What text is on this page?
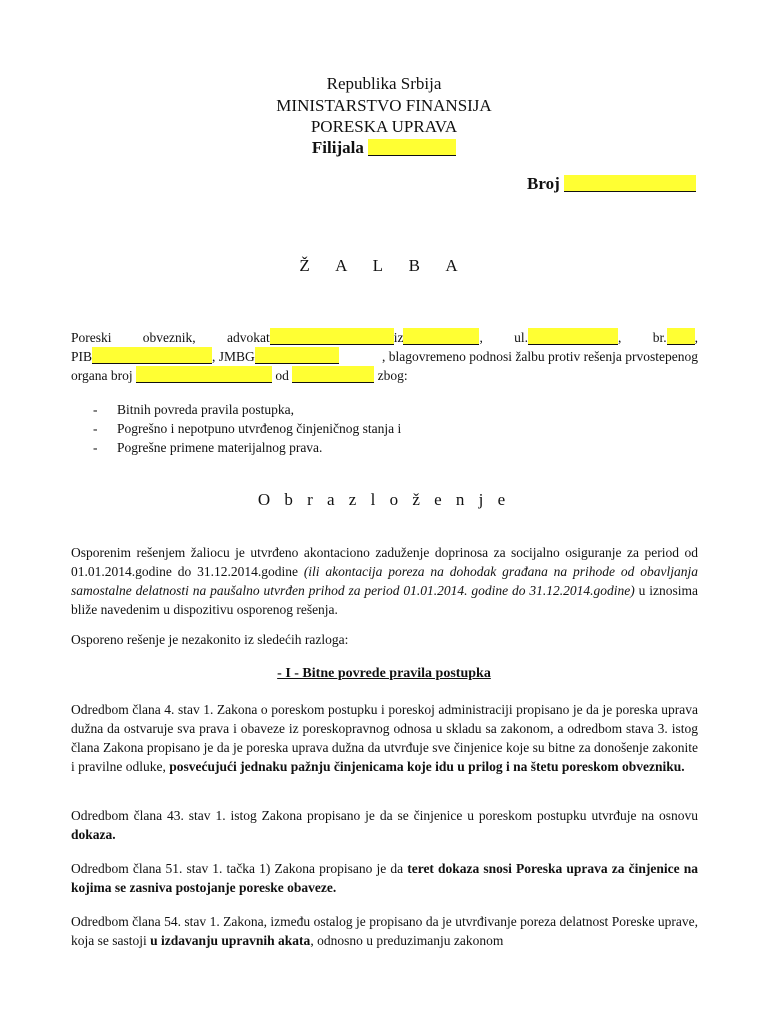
Republika Srbija
MINISTARSTVO FINANSIJA
PORESKA UPRAVA
Filijala
Broj
Ž A L B A
Poreski obveznik, advokat	iz	, ul.	, br. ,
PIB	, JMBG	, blagovremeno podnosi žalbu protiv rešenja prvostepenog
organa broj	od	zbog:
- Bitnih povreda pravila postupka,
- Pogrešno i nepotpuno utvrđenog činjeničnog stanja i
- Pogrešne primene materijalnog prava.
O b r a z l o ž e n j e
Osporenim rešenjem žaliocu je utvrđeno akontaciono zaduženje doprinosa za socijalno osiguranje za period od 01.01.2014.godine do 31.12.2014.godine (ili akontacija poreza na dohodak građana na prihode od obavljanja samostalne delatnosti na paušalno utvrđen prihod za period 01.01.2014. godine do 31.12.2014.godine) u iznosima bliže navedenim u dispozitivu osporenog rešenja.
Osporeno rešenje je nezakonito iz sledećih razloga:
- I - Bitne povrede pravila postupka
Odredbom člana 4. stav 1. Zakona o poreskom postupku i poreskoj administraciji propisano je da je poreska uprava dužna da ostvaruje sva prava i obaveze iz poreskopravnog odnosa u skladu sa zakonom, a odredbom stava 3. istog člana Zakona propisano je da je poreska uprava dužna da utvrđuje sve činjenice koje su bitne za donošenje zakonite i pravilne odluke, posvećujući jednaku pažnju činjenicama koje idu u prilog i na štetu poreskom obvezniku.
Odredbom člana 43. stav 1. istog Zakona propisano je da se činjenice u poreskom postupku utvrđuje na osnovu dokaza.
Odredbom člana 51. stav 1. tačka 1) Zakona propisano je da teret dokaza snosi Poreska uprava za činjenice na kojima se zasniva postojanje poreske obaveze.
Odredbom člana 54. stav 1. Zakona, između ostalog je propisano da je utvrđivanje poreza delatnost Poreske uprave, koja se sastoji u izdavanju upravnih akata, odnosno u preduzimanju zakonom
